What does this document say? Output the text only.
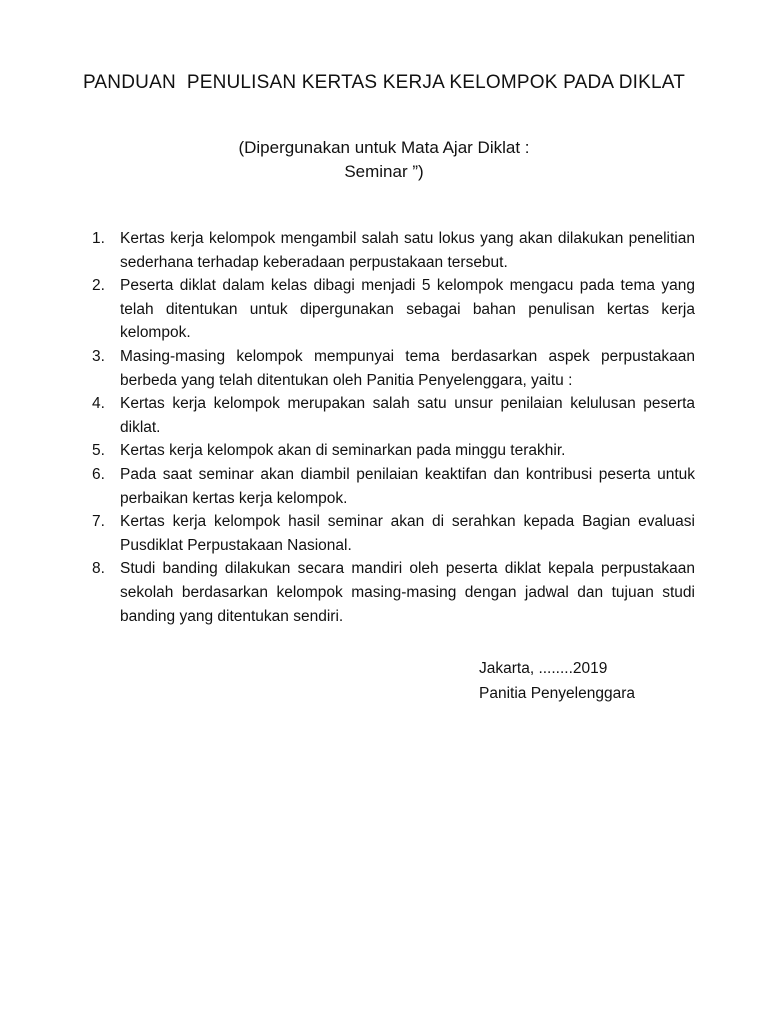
PANDUAN  PENULISAN KERTAS KERJA KELOMPOK PADA DIKLAT
(Dipergunakan untuk Mata Ajar Diklat :
Seminar ”)
1. Kertas kerja kelompok mengambil salah satu lokus yang akan dilakukan penelitian sederhana terhadap keberadaan perpustakaan tersebut.
2. Peserta diklat dalam kelas dibagi menjadi 5 kelompok mengacu pada tema yang telah ditentukan untuk dipergunakan sebagai bahan penulisan kertas kerja kelompok.
3. Masing-masing kelompok mempunyai tema berdasarkan aspek perpustakaan berbeda yang telah ditentukan oleh Panitia Penyelenggara, yaitu :
4. Kertas kerja kelompok merupakan salah satu unsur penilaian kelulusan peserta diklat.
5. Kertas kerja kelompok akan di seminarkan pada minggu terakhir.
6. Pada saat seminar akan diambil penilaian keaktifan dan kontribusi peserta untuk perbaikan kertas kerja kelompok.
7. Kertas kerja kelompok hasil seminar akan di serahkan kepada Bagian evaluasi Pusdiklat Perpustakaan Nasional.
8. Studi banding dilakukan secara mandiri oleh peserta diklat kepala perpustakaan sekolah berdasarkan kelompok masing-masing dengan jadwal dan tujuan studi banding yang ditentukan sendiri.
Jakarta, ........2019
Panitia Penyelenggara
